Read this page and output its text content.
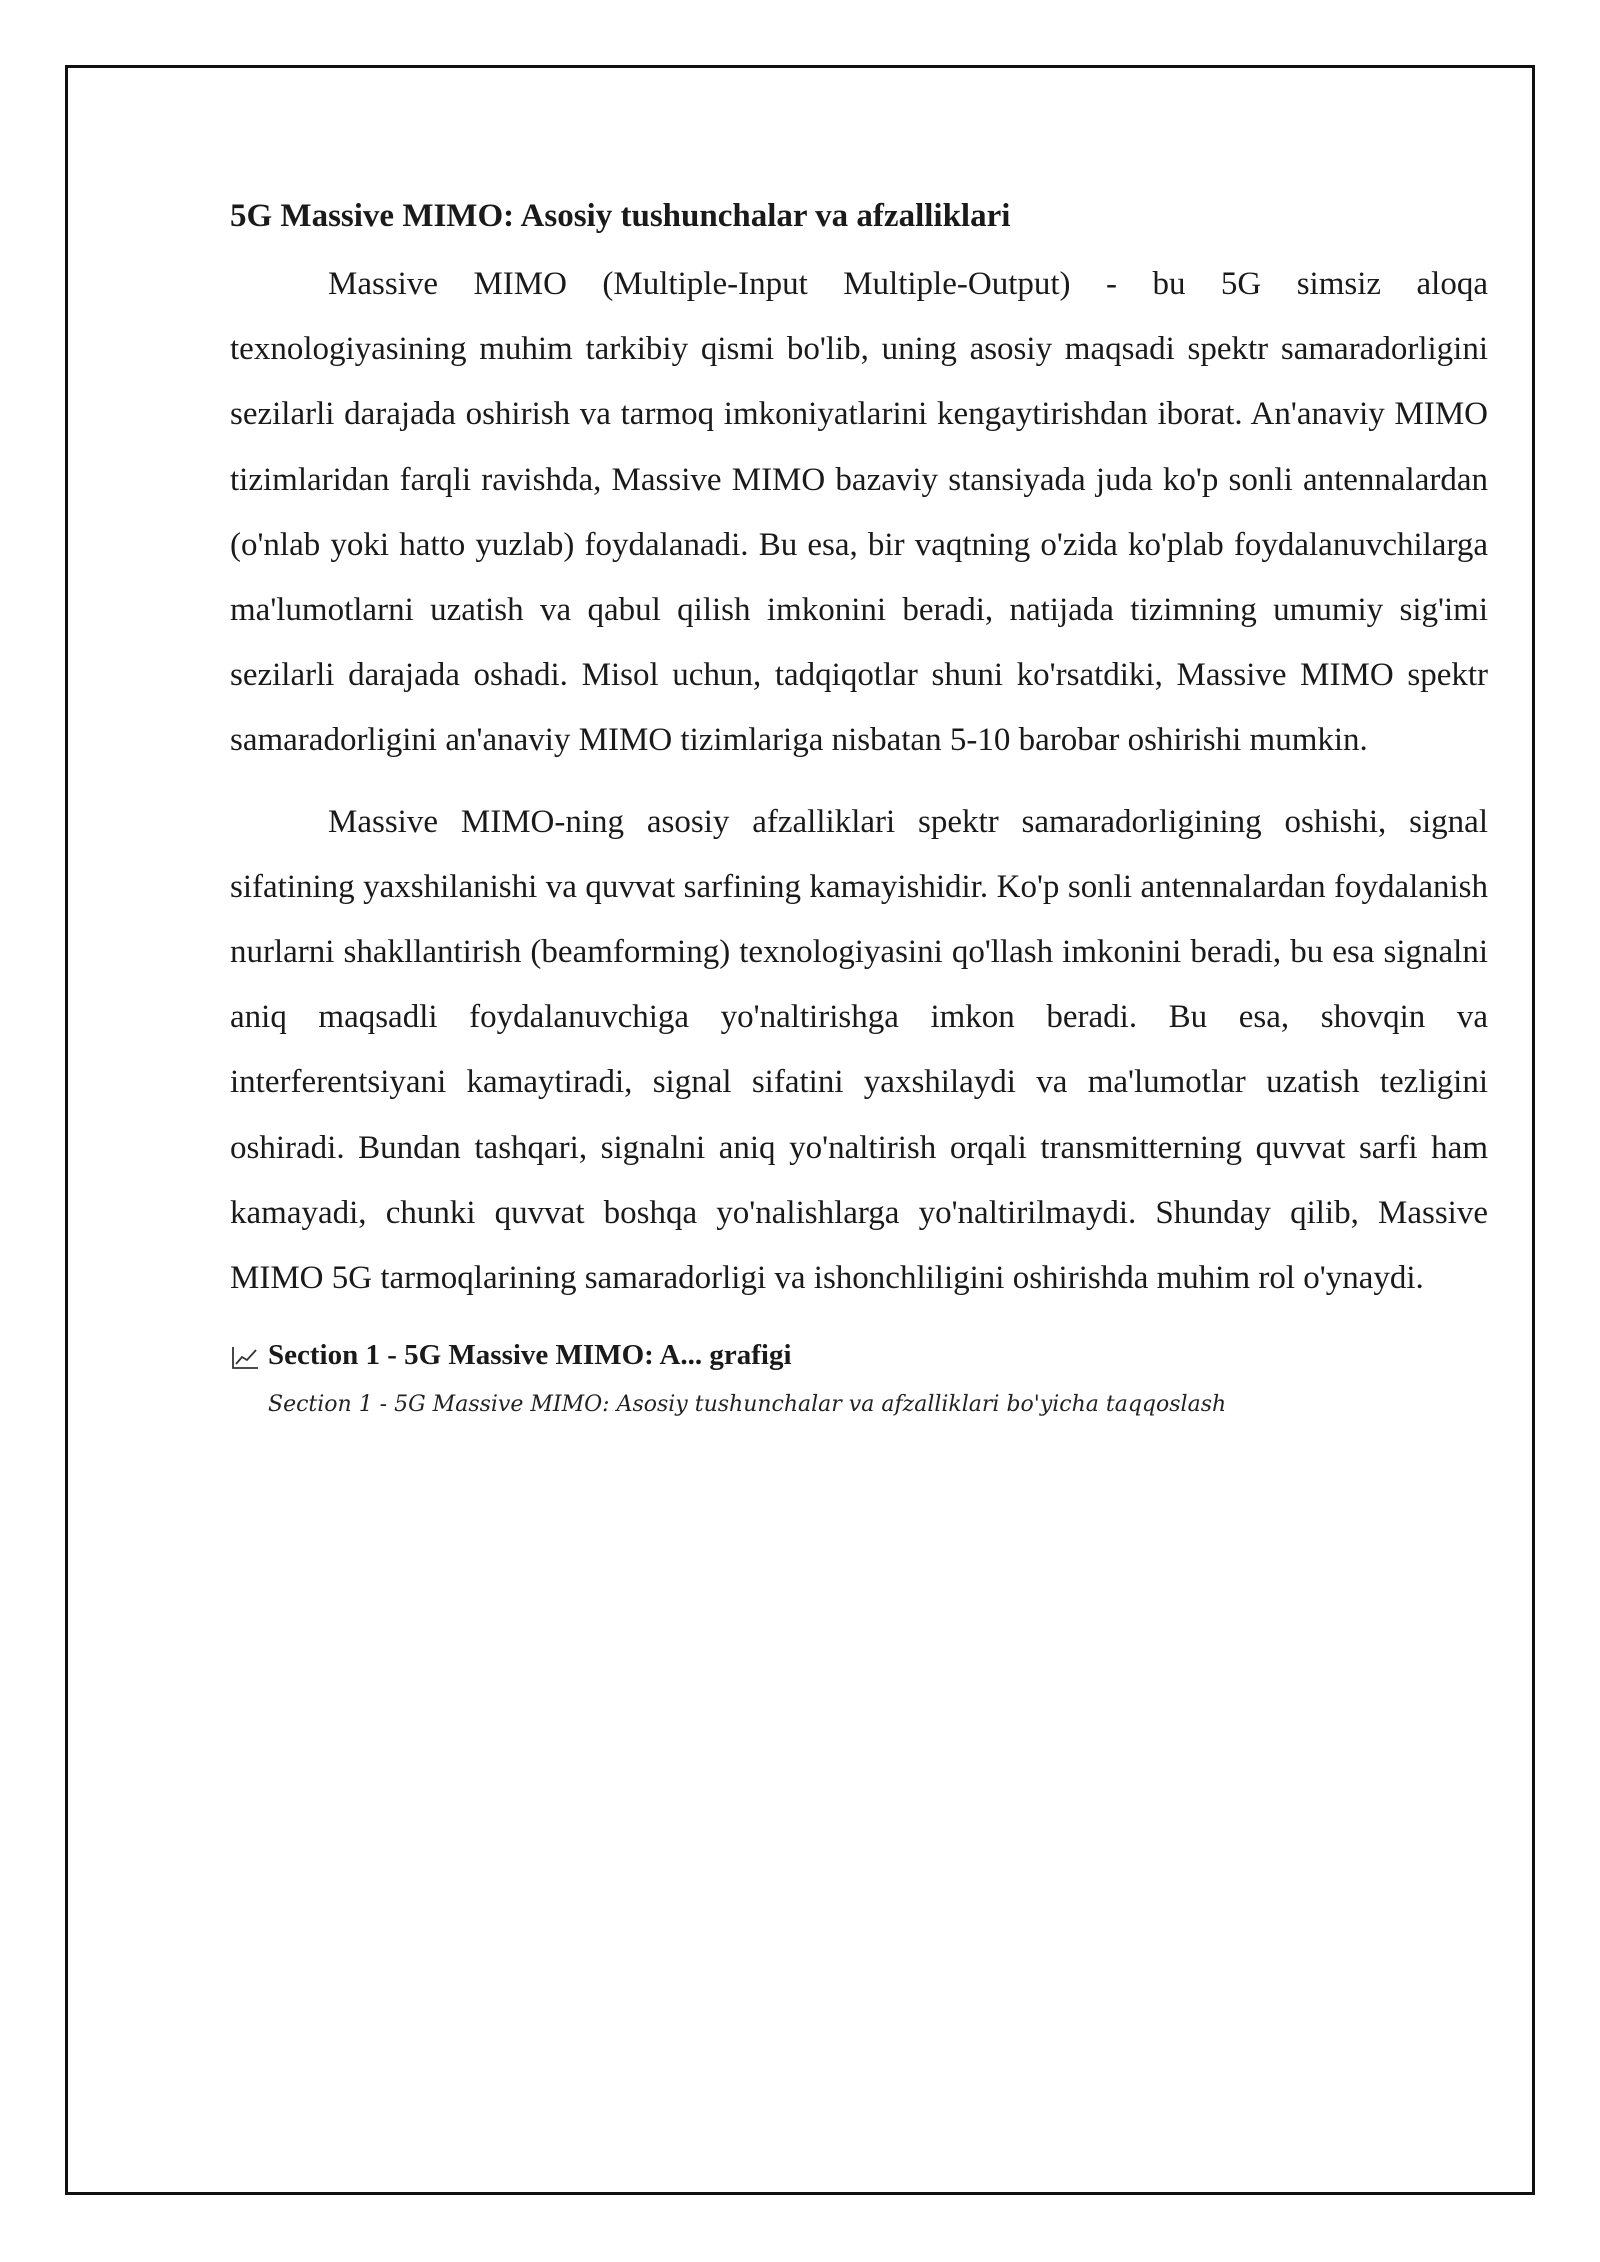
5G Massive MIMO: Asosiy tushunchalar va afzalliklari

Massive MIMO (Multiple-Input Multiple-Output) - bu 5G simsiz aloqa texnologiyasining muhim tarkibiy qismi bo'lib, uning asosiy maqsadi spektr samaradorligini sezilarli darajada oshirish va tarmoq imkoniyatlarini kengaytirishdan iborat. An'anaviy MIMO tizimlaridan farqli ravishda, Massive MIMO bazaviy stansiyada juda ko'p sonli antennalardan (o'nlab yoki hatto yuzlab) foydalanadi. Bu esa, bir vaqtning o'zida ko'plab foydalanuvchilarga ma'lumotlarni uzatish va qabul qilish imkonini beradi, natijada tizimning umumiy sig'imi sezilarli darajada oshadi. Misol uchun, tadqiqotlar shuni ko'rsatdiki, Massive MIMO spektr samaradorligini an'anaviy MIMO tizimlariga nisbatan 5-10 barobar oshirishi mumkin.

Massive MIMO-ning asosiy afzalliklari spektr samaradorligining oshishi, signal sifatining yaxshilanishi va quvvat sarfining kamayishidir. Ko'p sonli antennalardan foydalanish nurlarni shakllantirish (beamforming) texnologiyasini qo'llash imkonini beradi, bu esa signalni aniq maqsadli foydalanuvchiga yo'naltirishga imkon beradi. Bu esa, shovqin va interferentsiyani kamaytiradi, signal sifatini yaxshilaydi va ma'lumotlar uzatish tezligini oshiradi. Bundan tashqari, signalni aniq yo'naltirish orqali transmitterning quvvat sarfi ham kamayadi, chunki quvvat boshqa yo'nalishlarga yo'naltirilmaydi. Shunday qilib, Massive MIMO 5G tarmoqlarining samaradorligi va ishonchliligini oshirishda muhim rol o'ynaydi.

Section 1 - 5G Massive MIMO: A... grafigi
Section 1 - 5G Massive MIMO: Asosiy tushunchalar va afzalliklari bo'yicha taqqoslash
